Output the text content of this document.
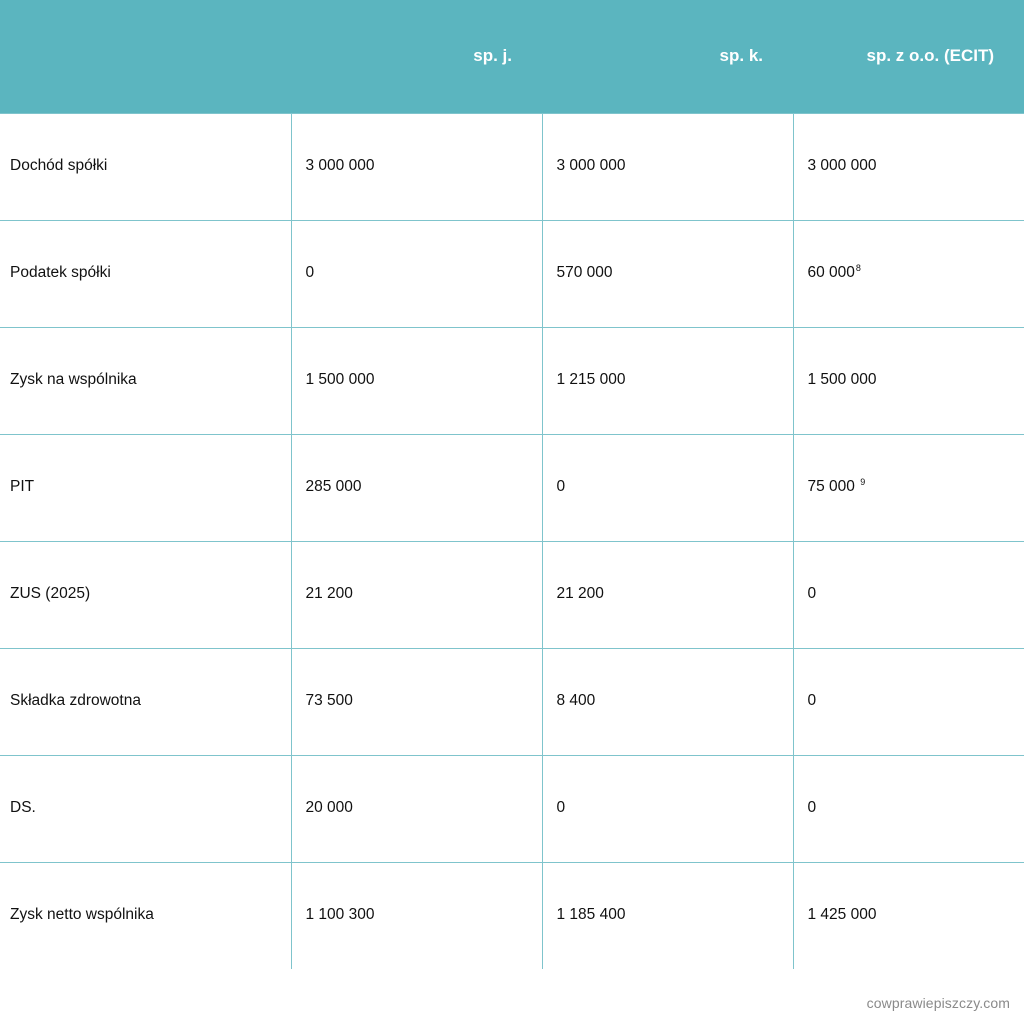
	sp. j.	sp. k.	sp. z o.o. (ECIT)
Dochód spółki	3 000 000	3 000 000	3 000 000
Podatek spółki	0	570 000	60 000$^8$
Zysk na wspólnika	1 500 000	1 215 000	1 500 000
PIT	285 000	0	75 000 $^9$
ZUS (2025)	21 200	21 200	0
Składka zdrowotna	73 500	8 400	0
DS.	20 000	0	0
Zysk netto wspólnika	1 100 300	1 185 400	1 425 000
cowprawiepiszczy.com
